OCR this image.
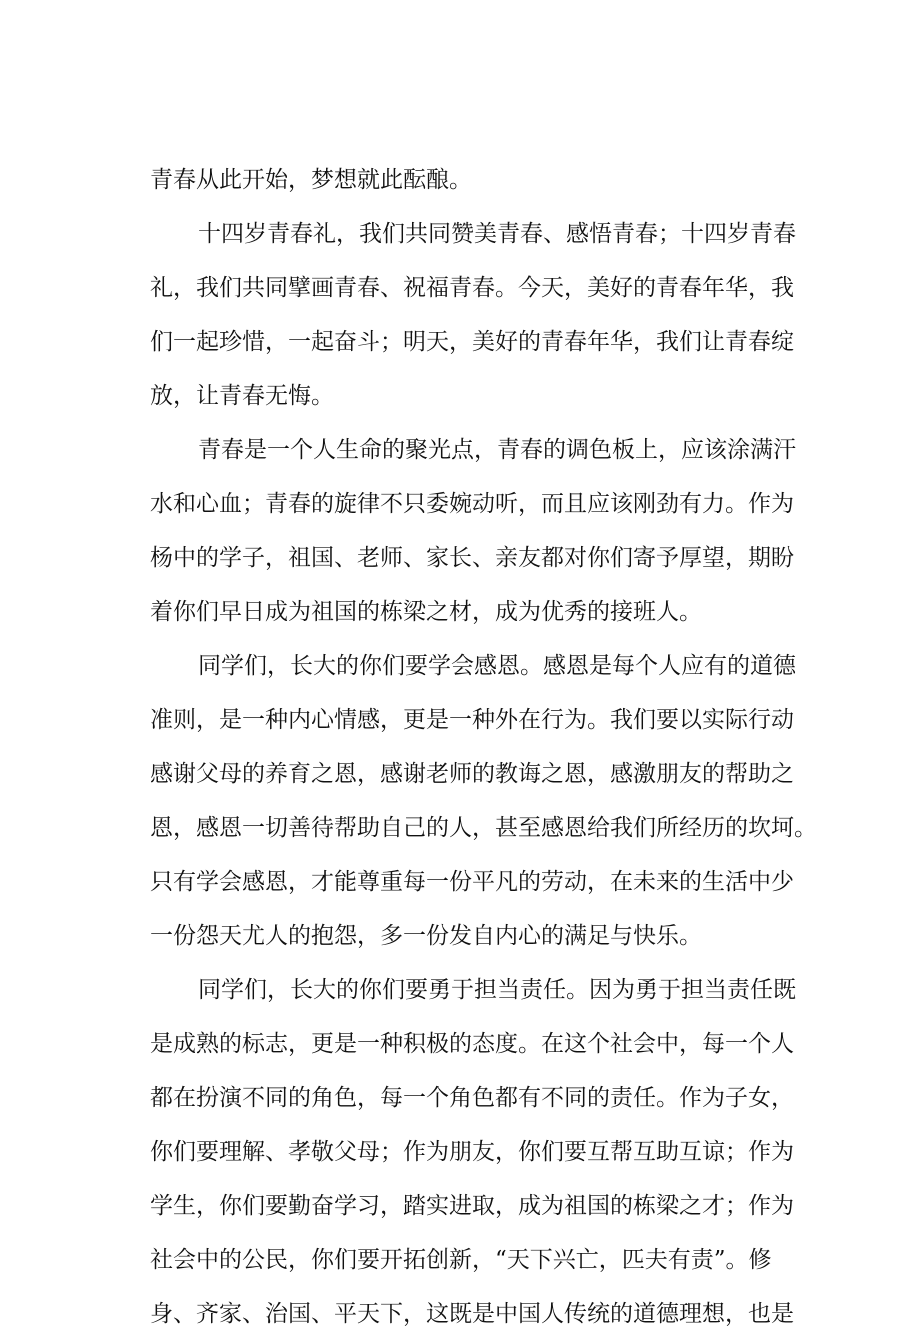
青春从此开始，梦想就此酝酿。
十四岁青春礼，我们共同赞美青春、感悟青春；十四岁青春
礼，我们共同擘画青春、祝福青春。今天，美好的青春年华，我
们一起珍惜，一起奋斗；明天，美好的青春年华，我们让青春绽
放，让青春无悔。
青春是一个人生命的聚光点，青春的调色板上，应该涂满汗
水和心血；青春的旋律不只委婉动听，而且应该刚劲有力。作为
杨中的学子，祖国、老师、家长、亲友都对你们寄予厚望，期盼
着你们早日成为祖国的栋梁之材，成为优秀的接班人。
同学们，长大的你们要学会感恩。感恩是每个人应有的道德
准则，是一种内心情感，更是一种外在行为。我们要以实际行动
感谢父母的养育之恩，感谢老师的教诲之恩，感激朋友的帮助之
恩，感恩一切善待帮助自己的人，甚至感恩给我们所经历的坎坷。
只有学会感恩，才能尊重每一份平凡的劳动，在未来的生活中少
一份怨天尤人的抱怨，多一份发自内心的满足与快乐。
同学们，长大的你们要勇于担当责任。因为勇于担当责任既
是成熟的标志，更是一种积极的态度。在这个社会中，每一个人
都在扮演不同的角色，每一个角色都有不同的责任。作为子女，
你们要理解、孝敬父母；作为朋友，你们要互帮互助互谅；作为
学生，你们要勤奋学习，踏实进取，成为祖国的栋梁之才；作为
社会中的公民，你们要开拓创新，“天下兴亡，匹夫有责”。修
身、齐家、治国、平天下，这既是中国人传统的道德理想，也是
